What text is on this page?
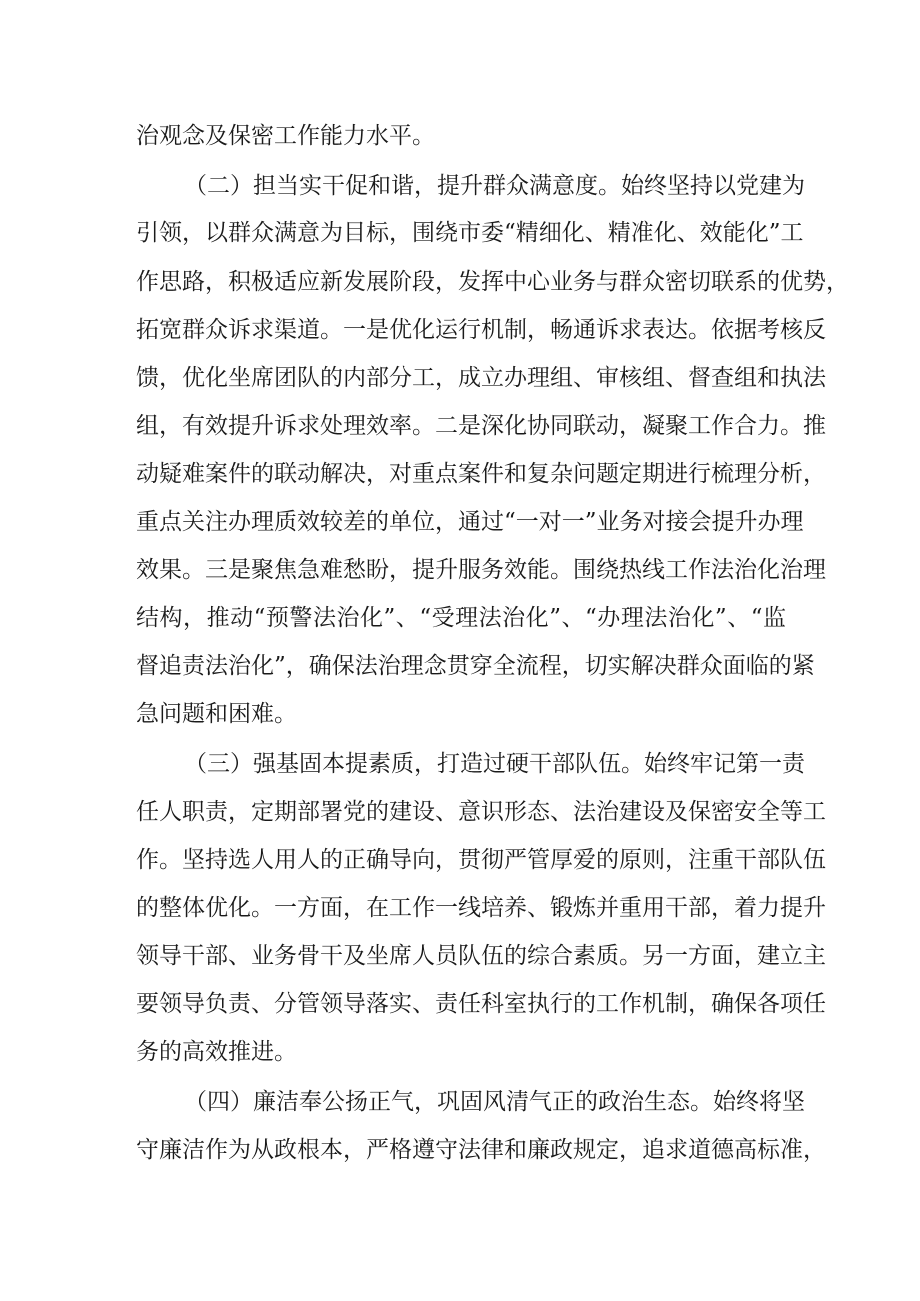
治观念及保密工作能力水平。
（二）担当实干促和谐，提升群众满意度。始终坚持以党建为
引领，以群众满意为目标，围绕市委“精细化、精准化、效能化”工
作思路，积极适应新发展阶段，发挥中心业务与群众密切联系的优势，
拓宽群众诉求渠道。一是优化运行机制，畅通诉求表达。依据考核反
馈，优化坐席团队的内部分工，成立办理组、审核组、督查组和执法
组，有效提升诉求处理效率。二是深化协同联动，凝聚工作合力。推
动疑难案件的联动解决，对重点案件和复杂问题定期进行梳理分析，
重点关注办理质效较差的单位，通过“一对一”业务对接会提升办理
效果。三是聚焦急难愁盼，提升服务效能。围绕热线工作法治化治理
结构，推动“预警法治化”、“受理法治化”、“办理法治化”、“监
督追责法治化”，确保法治理念贯穿全流程，切实解决群众面临的紧
急问题和困难。
（三）强基固本提素质，打造过硬干部队伍。始终牢记第一责
任人职责，定期部署党的建设、意识形态、法治建设及保密安全等工
作。坚持选人用人的正确导向，贯彻严管厚爱的原则，注重干部队伍
的整体优化。一方面，在工作一线培养、锻炼并重用干部，着力提升
领导干部、业务骨干及坐席人员队伍的综合素质。另一方面，建立主
要领导负责、分管领导落实、责任科室执行的工作机制，确保各项任
务的高效推进。
（四）廉洁奉公扬正气，巩固风清气正的政治生态。始终将坚
守廉洁作为从政根本，严格遵守法律和廉政规定，追求道德高标准，
